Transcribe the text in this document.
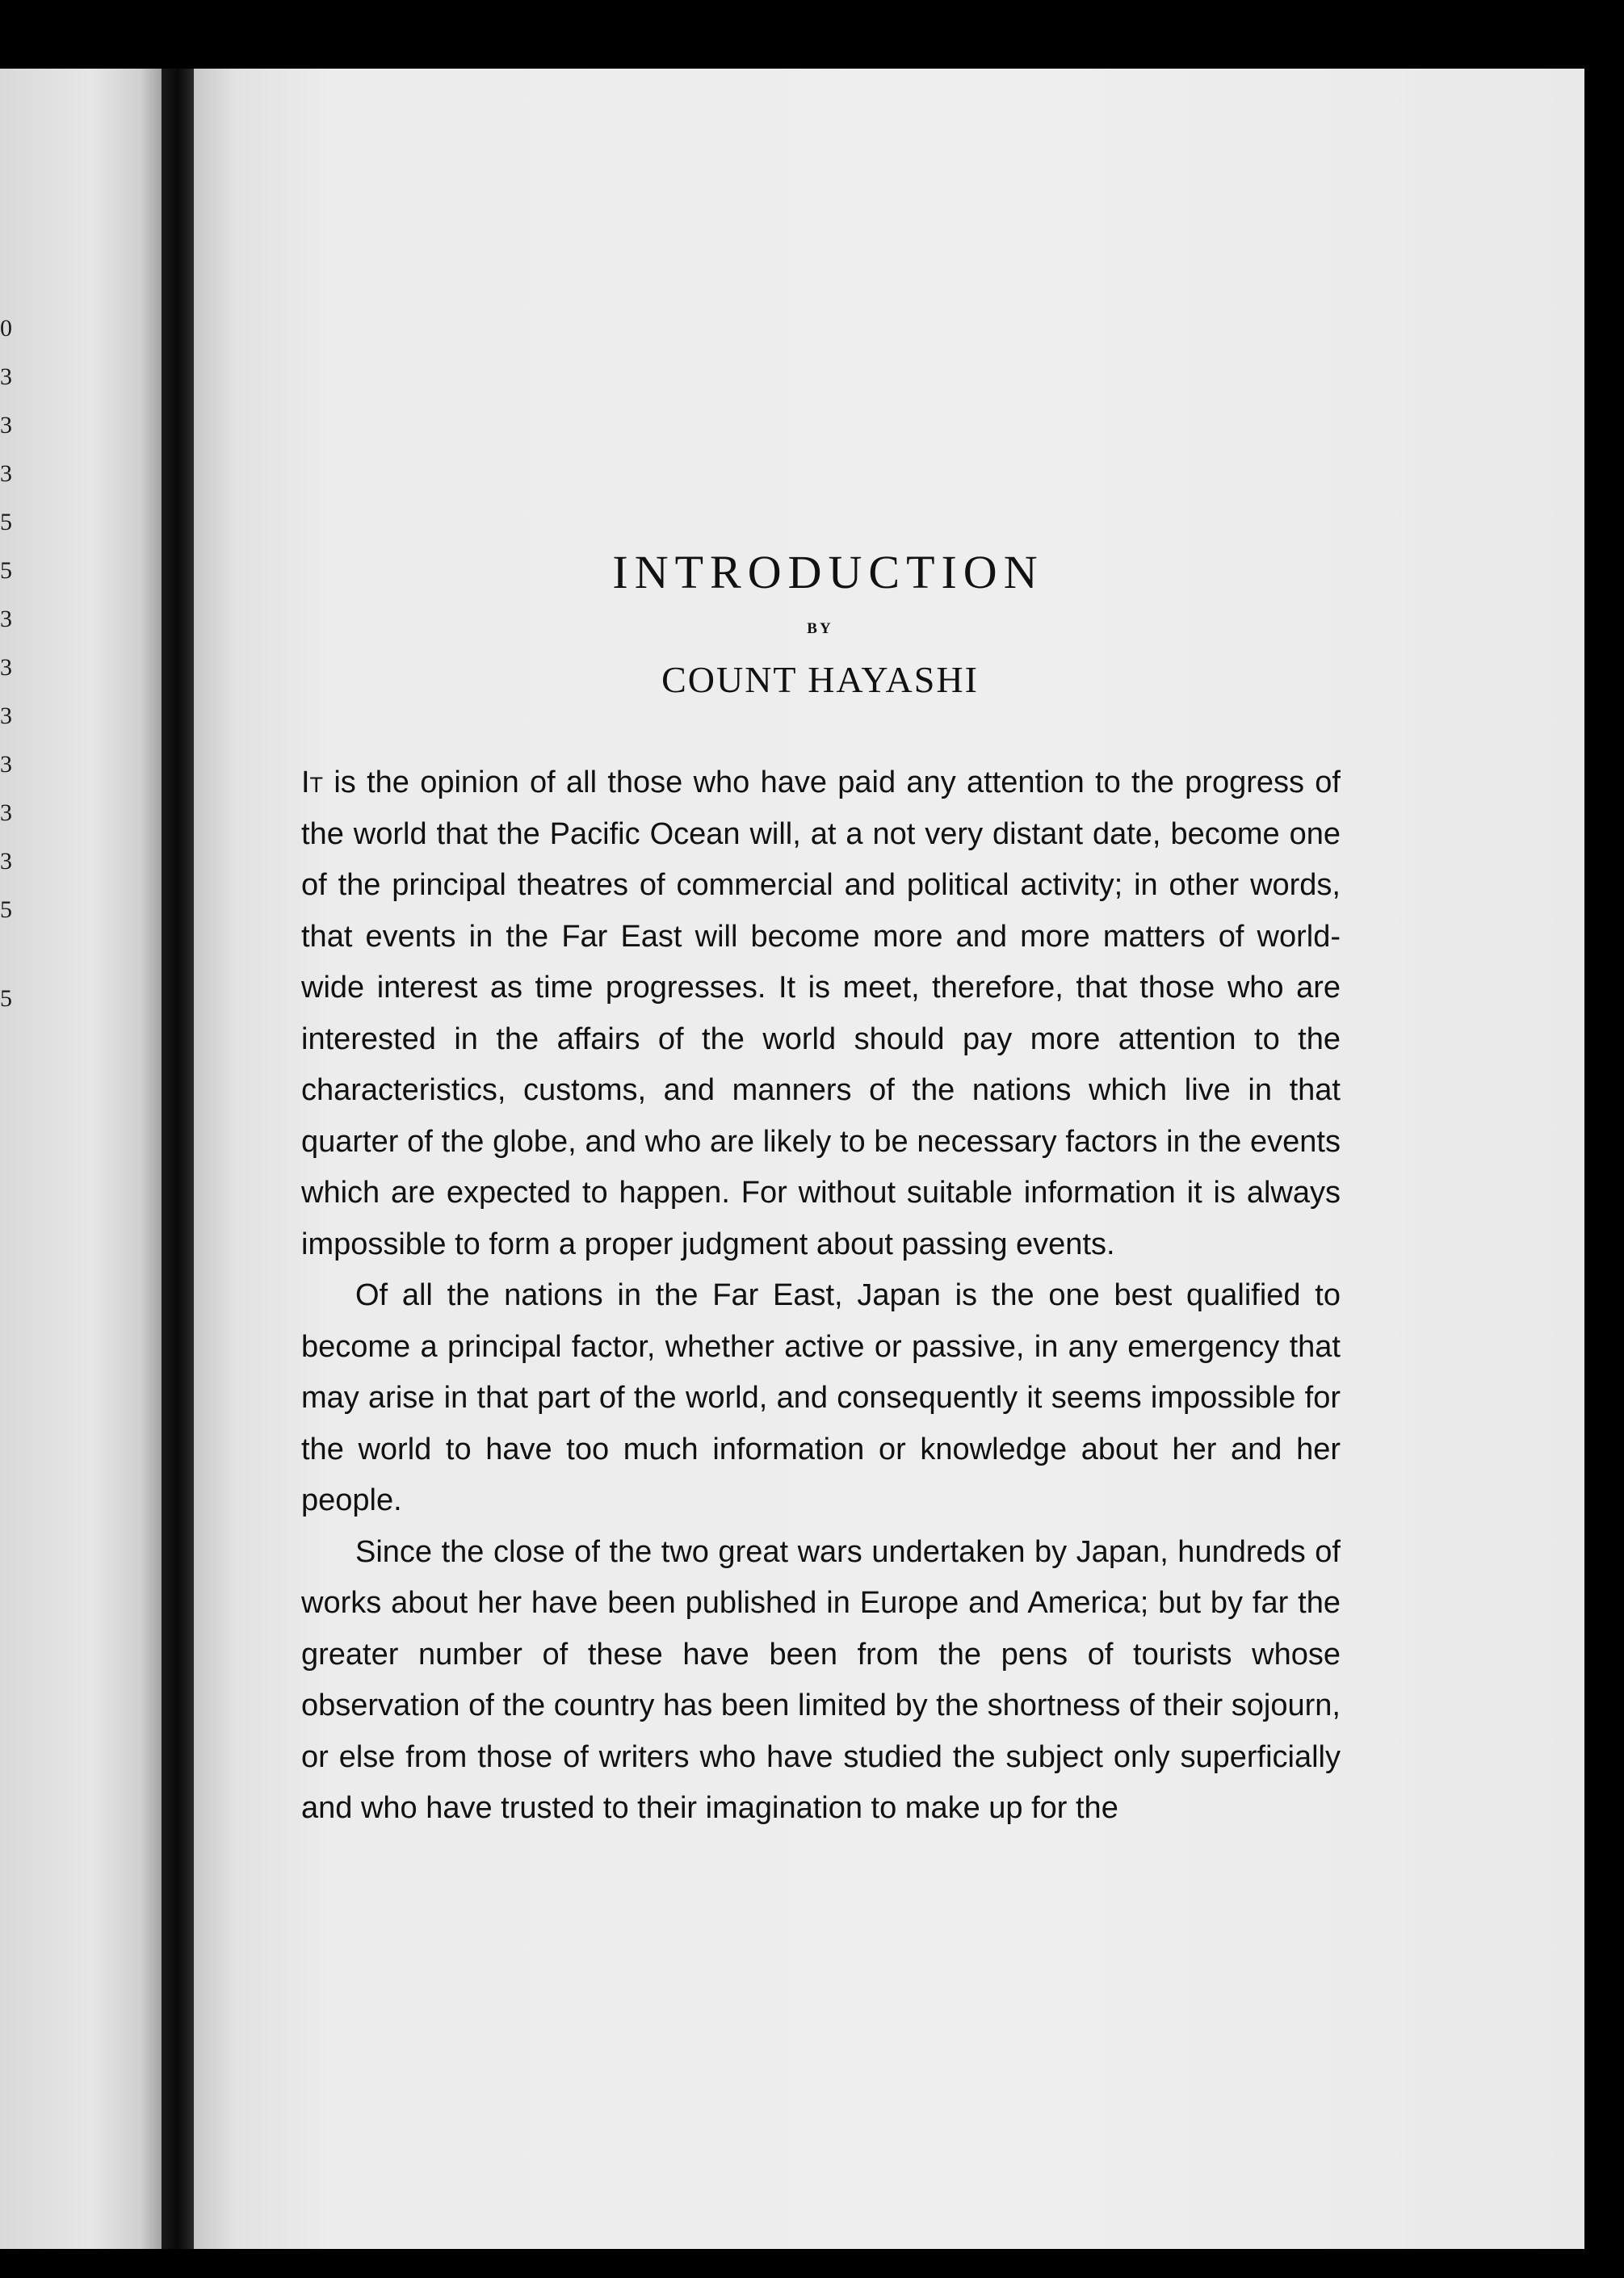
0
3
3
3
5
5
3
3
3
3
3
3
5
5
INTRODUCTION
BY
COUNT HAYASHI

It is the opinion of all those who have paid any attention to the progress of the world that the Pacific Ocean will, at a not very distant date, become one of the principal theatres of commercial and political activity; in other words, that events in the Far East will become more and more matters of world-wide interest as time progresses. It is meet, therefore, that those who are interested in the affairs of the world should pay more attention to the characteristics, customs, and manners of the nations which live in that quarter of the globe, and who are likely to be necessary factors in the events which are expected to happen. For without suitable information it is always impossible to form a proper judgment about passing events.

Of all the nations in the Far East, Japan is the one best qualified to become a principal factor, whether active or passive, in any emergency that may arise in that part of the world, and consequently it seems impossible for the world to have too much information or knowledge about her and her people.

Since the close of the two great wars undertaken by Japan, hundreds of works about her have been published in Europe and America; but by far the greater number of these have been from the pens of tourists whose observation of the country has been limited by the shortness of their sojourn, or else from those of writers who have studied the subject only superficially and who have trusted to their imagination to make up for the
